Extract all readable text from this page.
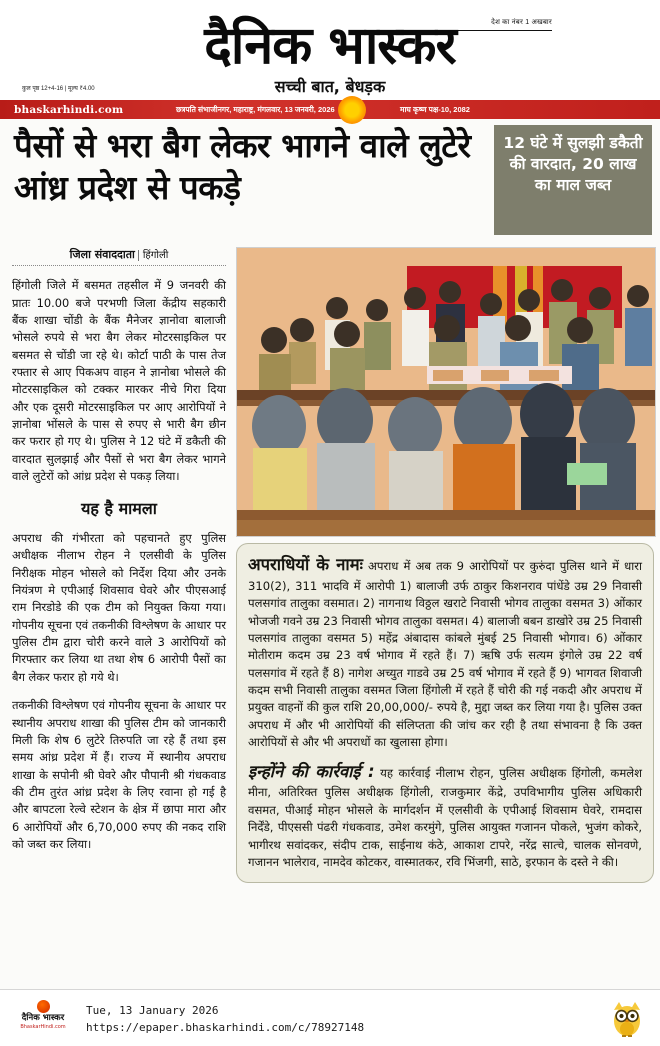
देश का नंबर 1 अखबार
दैनिक भास्कर
सच्ची बात, बेधड़क
कुल पृष्ठ 12+4-16 | मूल्य ₹4.00
bhaskarhindi.com	छत्रपति संभाजीनगर, महाराष्ट्र, मंगलवार, 13 जनवरी, 2026	माघ कृष्ण पक्ष-10, 2082
पैसों से भरा बैग लेकर भागने वाले लुटेरे आंध्र प्रदेश से पकड़े
12 घंटे में सुलझी डकैती की वारदात, 20 लाख का माल जब्त
जिला संवाददाता हिंगोली

हिंगोली जिले में बसमत तहसील में 9 जनवरी की प्रातः 10.00 बजे परभणी जिला केंद्रीय सहकारी बैंक शाखा चोंडी के बैंक मैनेजर ज्ञानोवा बालाजी भोसले रुपये से भरा बैग लेकर मोटरसाइकिल पर बसमत से चोंडी जा रहे थे। कोर्टा पाठी के पास तेज रफ्तार से आए पिकअप वाहन ने ज्ञानोबा भोसले की मोटरसाइकिल को टक्कर मारकर नीचे गिरा दिया और एक दूसरी मोटरसाइकिल पर आए आरोपियों ने ज्ञानोबा भोंसले के पास से रुपए से भारी बैग छीन कर फरार हो गए थे। पुलिस ने 12 घंटे में डकैती की वारदात सुलझाई और पैसों से भरा बैग लेकर भागने वाले लुटेरों को आंध्र प्रदेश से पकड़ लिया।

यह है मामला

अपराध की गंभीरता को पहचानते हुए पुलिस अधीक्षक नीलाभ रोहन ने एलसीवी के पुलिस निरीक्षक मोहन भोसले को निर्देश दिया और उनके नियंत्रण मे एपीआई शिवसाव घेवरे और पीएसआई राम निरडोडे की एक टीम को नियुक्त किया गया। गोपनीय सूचना एवं तकनीकी विश्लेषण के आधार पर पुलिस टीम द्वारा चोरी करने वाले 3 आरोपियों को गिरफ्तार कर लिया था तथा शेष 6 आरोपी पैसों का बैग लेकर फरार हो गये थे।

तकनीकी विश्लेषण एवं गोपनीय सूचना के आधार पर स्थानीय अपराध शाखा की पुलिस टीम को जानकारी मिली कि शेष 6 लुटेरे तिरुपति जा रहे हैं तथा इस समय आंध्र प्रदेश में हैं। राज्य में स्थानीय अपराध शाखा के सपोनी श्री घेवरे और पौपानी श्री गंधकवाड की टीम तुरंत आंध्र प्रदेश के लिए रवाना हो गई है और बापटला रेल्वे स्टेशन के क्षेत्र में छापा मारा और 6 आरोपियों और 6,70,000 रुपए की नकद राशि को जब्त कर लिया।

अपराधियों के नामः अपराध में अब तक 9 आरोपियों पर कुरुंदा पुलिस थाने में धारा 310(2), 311 भादवि में आरोपी 1) बालाजी उर्फ ठाकुर किशनराव पांधेंडे उम्र 29 निवासी पलसगांव तालुका वसमात। 2) नागनाथ विठ्ठल खराटे निवासी भोगव तालुका वसमत 3) ओंकार भोजजी गवने उम्र 23 निवासी भोगव तालुका वसमत। 4) बालाजी बबन डाखोरे उम्र 25 निवासी पलसगांव तालुका वसमत 5) महेंद्र अंबादास कांबले मुंबई 25 निवासी भोगाव। 6) ओंकार मोतीराम कदम उम्र 23 वर्ष भोगाव में रहते हैं। 7) ऋषि उर्फ सत्यम इंगोले उम्र 22 वर्ष पलसगांव में रहते हैं 8) नागेश अच्युत गाडवे उम्र 25 वर्ष भोगाव में रहते हैं 9) भागवत शिवाजी कदम सभी निवासी तालुका वसमत जिला हिंगोली में रहते हैं चोरी की गई नकदी और अपराध में प्रयुक्त वाहनों की कुल राशि 20,00,000/- रुपये है, मुद्दा जब्त कर लिया गया है। पुलिस उक्त अपराध में और भी आरोपियों की संलिप्तता की जांच कर रही है तथा संभावना है कि उक्त आरोपियों से और भी अपराधों का खुलासा होगा।
इन्होंने की कार्रवाई : यह कार्रवाई नीलाभ रोहन, पुलिस अधीक्षक हिंगोली, कमलेश मीना, अतिरिक्त पुलिस अधीक्षक हिंगोली, राजकुमार केंद्रे, उपविभागीय पुलिस अधिकारी वसमत, पीआई मोहन भोसले के मार्गदर्शन में एलसीवी के एपीआई शिवसाम घेवरे, रामदास निर्देंडे, पीएससी पंढरी गंधकवाड, उमेश करमुंगे, पुलिस आयुक्त गजानन पोकले, भुजंग कोकरे, भागीरथ सवांदकर, संदीप टाक, साईनाथ कंठे, आकाश टापरे, नरेंद्र सात्चे, चालक सोनवणे, गजानन भालेराव, नामदेव कोटकर, वास्मातकर, रवि भिंजगी, साठे, इरफान के दस्ते ने की।
दैनिक भास्कर
BhaskarHindi.com
Tue, 13 January 2026
https://epaper.bhaskarhindi.com/c/78927148
